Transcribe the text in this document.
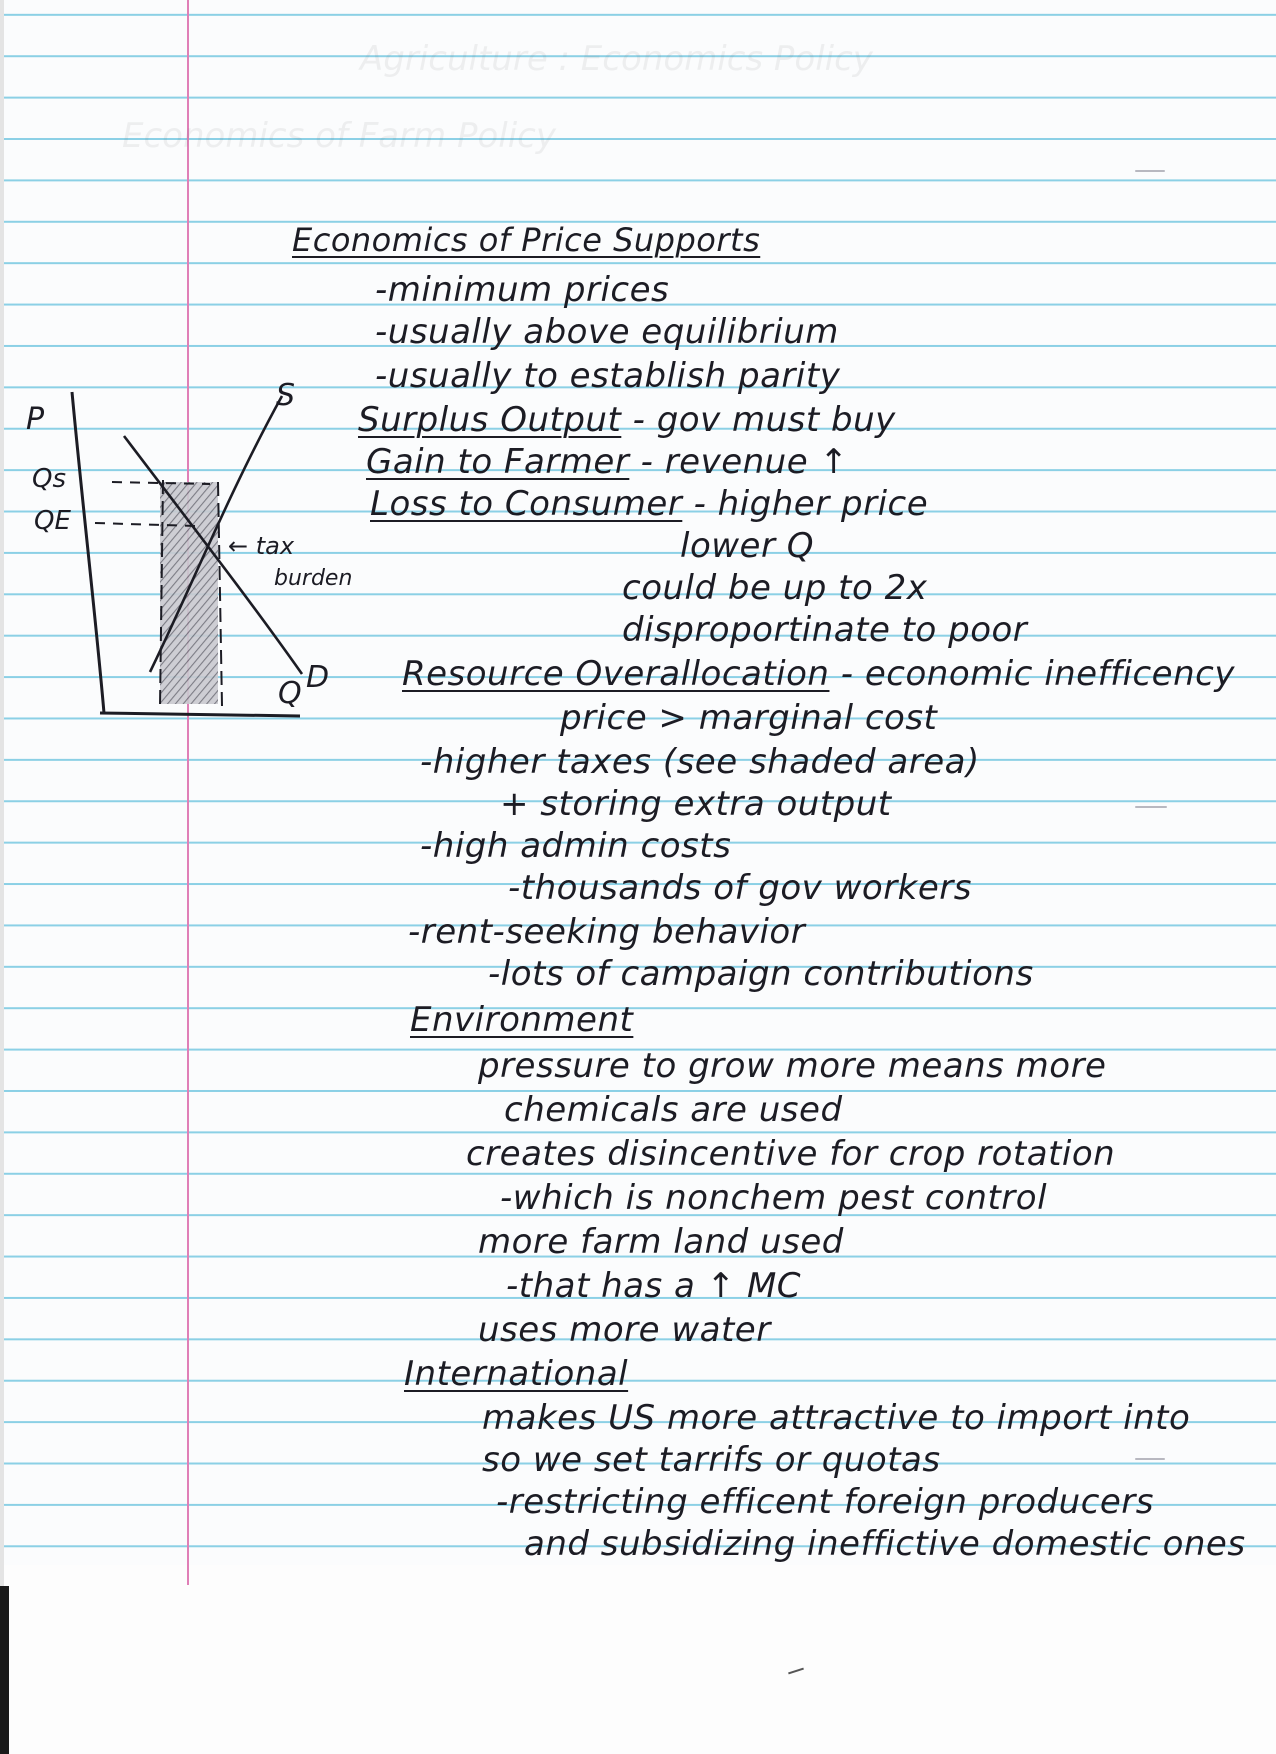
P
Q
Qs
QE
S
D
← tax
burden
Economics of Price Supports
-minimum prices
-usually above equilibrium
-usually to establish parity
Surplus Output - gov must buy
Gain to Farmer - revenue ↑
Loss to Consumer - higher price
lower Q
could be up to 2x
disproportinate to poor
Resource Overallocation - economic inefficency
price > marginal cost
-higher taxes (see shaded area)
+ storing extra output
-high admin costs
-thousands of gov workers
-rent-seeking behavior
-lots of campaign contributions
Environment
pressure to grow more means more
chemicals are used
creates disincentive for crop rotation
-which is nonchem pest control
more farm land used
-that has a ↑ MC
uses more water
International
makes US more attractive to import into
so we set tarrifs or quotas
-restricting efficent foreign producers
and subsidizing ineffictive domestic ones
